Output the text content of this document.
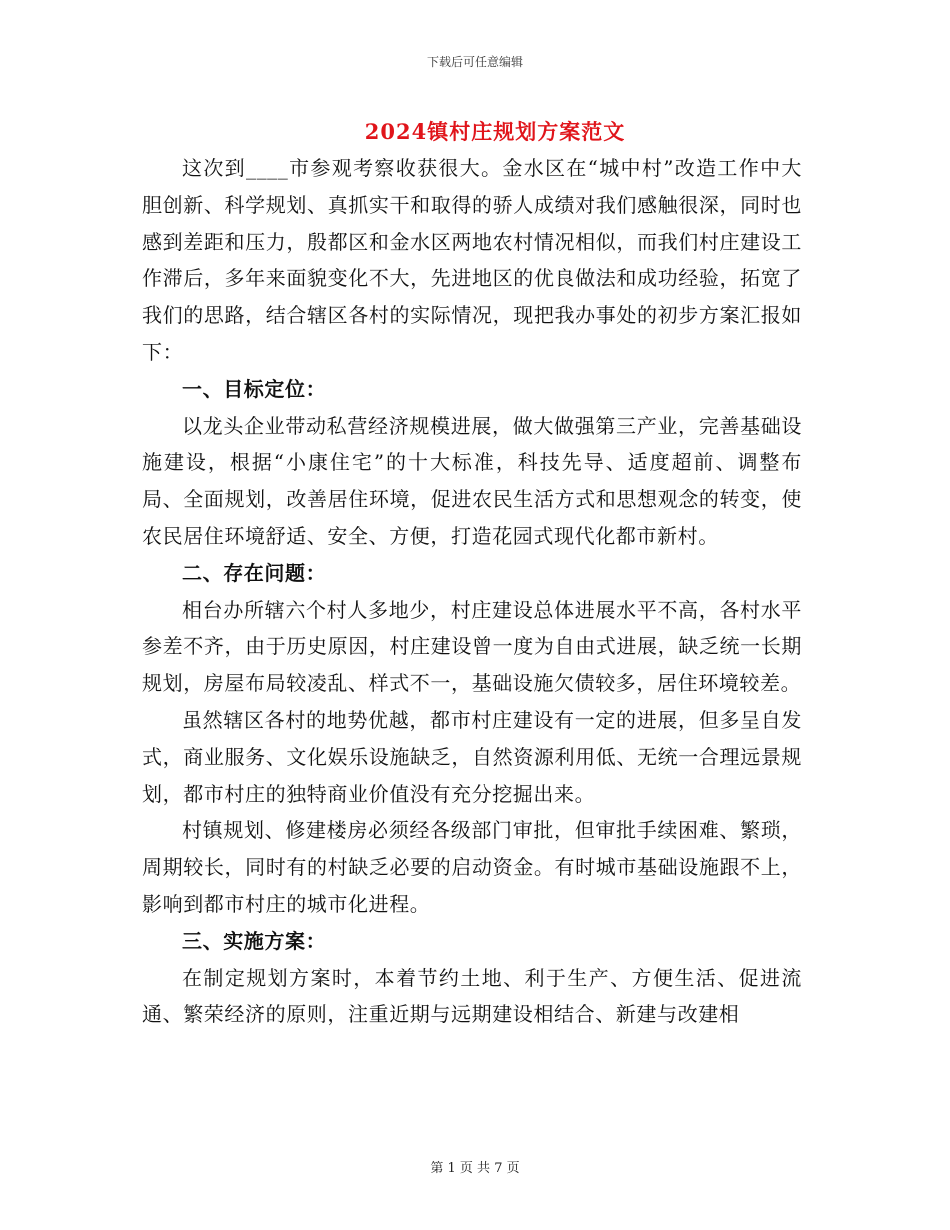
下载后可任意编辑
2024镇村庄规划方案范文

这次到____市参观考察收获很大。金水区在“城中村”改造工作中大胆创新、科学规划、真抓实干和取得的骄人成绩对我们感触很深，同时也感到差距和压力，殷都区和金水区两地农村情况相似，而我们村庄建设工作滞后，多年来面貌变化不大，先进地区的优良做法和成功经验，拓宽了我们的思路，结合辖区各村的实际情况，现把我办事处的初步方案汇报如下：

一、目标定位：

以龙头企业带动私营经济规模进展，做大做强第三产业，完善基础设施建设，根据“小康住宅”的十大标准，科技先导、适度超前、调整布局、全面规划，改善居住环境，促进农民生活方式和思想观念的转变，使农民居住环境舒适、安全、方便，打造花园式现代化都市新村。

二、存在问题：

相台办所辖六个村人多地少，村庄建设总体进展水平不高，各村水平参差不齐，由于历史原因，村庄建设曾一度为自由式进展，缺乏统一长期规划，房屋布局较凌乱、样式不一，基础设施欠债较多，居住环境较差。

虽然辖区各村的地势优越，都市村庄建设有一定的进展，但多呈自发式，商业服务、文化娱乐设施缺乏，自然资源利用低、无统一合理远景规划，都市村庄的独特商业价值没有充分挖掘出来。

村镇规划、修建楼房必须经各级部门审批，但审批手续困难、繁琐，周期较长，同时有的村缺乏必要的启动资金。有时城市基础设施跟不上，影响到都市村庄的城市化进程。

三、实施方案：

在制定规划方案时，本着节约土地、利于生产、方便生活、促进流通、繁荣经济的原则，注重近期与远期建设相结合、新建与改建相

第 1 页 共 7 页
